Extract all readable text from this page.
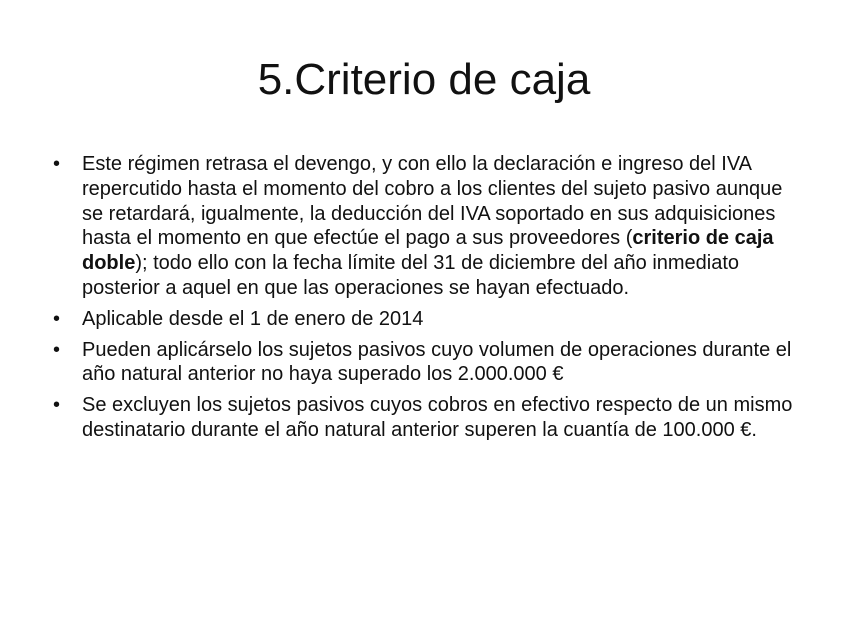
5.Criterio de caja
• Este régimen retrasa el devengo, y con ello la declaración e ingreso del IVA repercutido hasta el momento del cobro a los clientes del sujeto pasivo aunque se retardará, igualmente, la deducción del IVA soportado en sus adquisiciones hasta el momento en que efectúe el pago a sus proveedores (criterio de caja doble); todo ello con la fecha límite del 31 de diciembre del año inmediato posterior a aquel en que las operaciones se hayan efectuado.
• Aplicable desde el 1 de enero de 2014
• Pueden aplicárselo los sujetos pasivos cuyo volumen de operaciones durante el año natural anterior no haya superado los 2.000.000 €
• Se excluyen los sujetos pasivos cuyos cobros en efectivo respecto de un mismo destinatario durante el año natural anterior superen la cuantía de 100.000 €.
